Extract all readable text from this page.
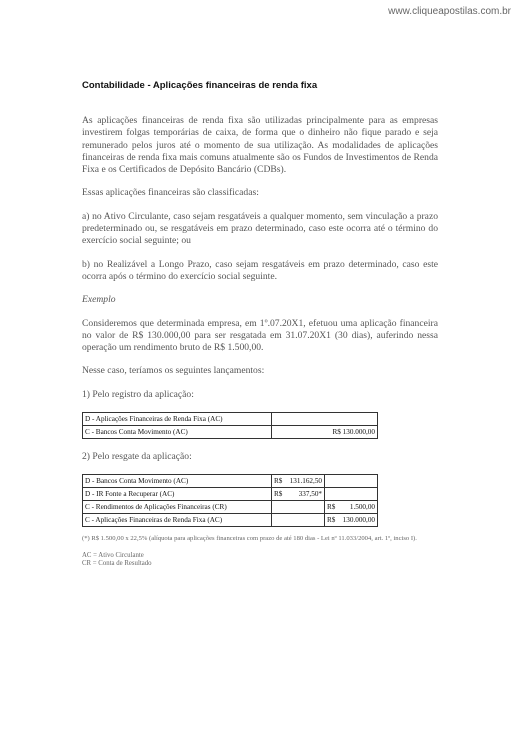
www.cliqueapostilas.com.br

Contabilidade - Aplicações financeiras de renda fixa

As aplicações financeiras de renda fixa são utilizadas principalmente para as empresas investirem folgas temporárias de caixa, de forma que o dinheiro não fique parado e seja remunerado pelos juros até o momento de sua utilização. As modalidades de aplicações financeiras de renda fixa mais comuns atualmente são os Fundos de Investimentos de Renda Fixa e os Certificados de Depósito Bancário (CDBs).

Essas aplicações financeiras são classificadas:

a) no Ativo Circulante, caso sejam resgatáveis a qualquer momento, sem vinculação a prazo predeterminado ou, se resgatáveis em prazo determinado, caso este ocorra até o término do exercício social seguinte; ou

b) no Realizável a Longo Prazo, caso sejam resgatáveis em prazo determinado, caso este ocorra após o término do exercício social seguinte.

Exemplo

Consideremos que determinada empresa, em 1º.07.20X1, efetuou uma aplicação financeira no valor de R$ 130.000,00 para ser resgatada em 31.07.20X1 (30 dias), auferindo nessa operação um rendimento bruto de R$ 1.500,00.

Nesse caso, teríamos os seguintes lançamentos:

1) Pelo registro da aplicação:

D - Aplicações Financeiras de Renda Fixa (AC)	
C - Bancos Conta Movimento (AC)	R$ 130.000,00

2) Pelo resgate da aplicação:

D - Bancos Conta Movimento (AC)	R$ 131.162,50	

D - IR Fonte a Recuperar (AC)	R$ 337,50*	

C - Rendimentos de Aplicações Financeiras (CR)		R$ 1.500,00

C - Aplicações Financeiras de Renda Fixa (AC)		R$ 130.000,00

(*) R$ 1.500,00 x 22,5% (alíquota para aplicações financeiras com prazo de até 180 dias - Lei nº 11.033/2004, art. 1º, inciso I).

AC = Ativo Circulante

CR = Conta de Resultado
